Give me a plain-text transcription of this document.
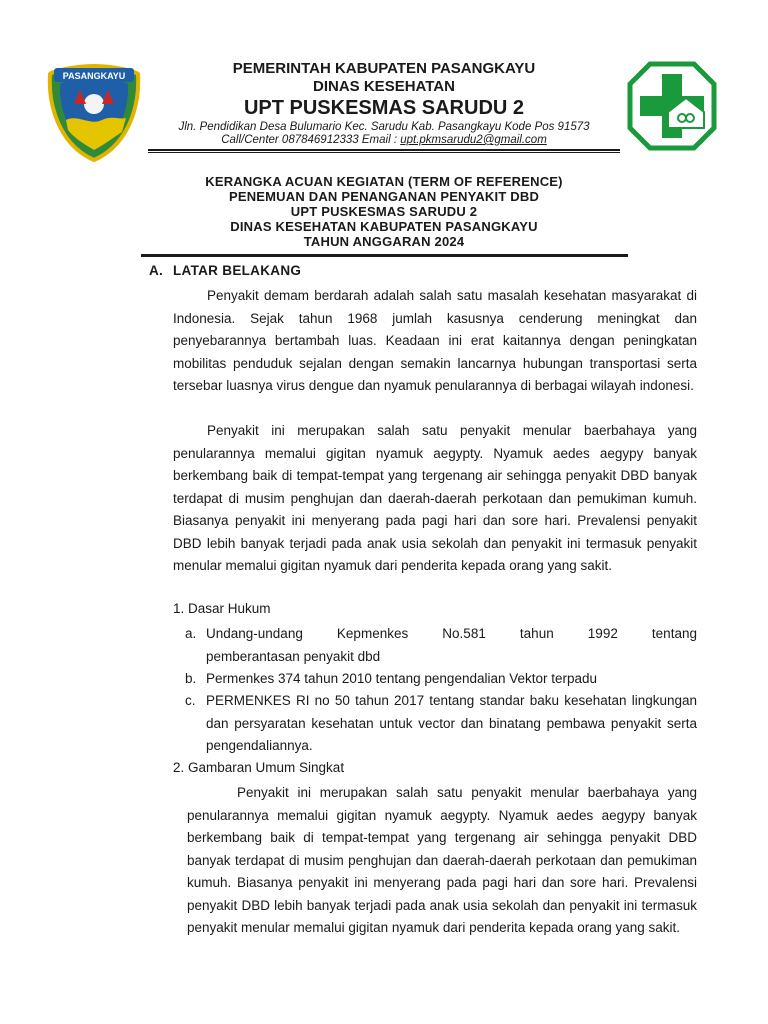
PASANGKAYU	PEMERINTAH KABUPATEN PASANGKAYU
DINAS KESEHATAN
UPT PUSKESMAS SARUDU 2
Jln. Pendidikan Desa Bulumario Kec. Sarudu Kab. Pasangkayu Kode Pos 91573
Call/Center 087846912333 Email : upt.pkmsarudu2@gmail.com
KERANGKA ACUAN KEGIATAN (TERM OF REFERENCE)
PENEMUAN DAN PENANGANAN PENYAKIT DBD
UPT PUSKESMAS SARUDU 2
DINAS KESEHATAN KABUPATEN PASANGKAYU
TAHUN ANGGARAN 2024
A. LATAR BELAKANG
Penyakit demam berdarah adalah salah satu masalah kesehatan masyarakat di Indonesia. Sejak tahun 1968 jumlah kasusnya cenderung meningkat dan penyebarannya bertambah luas. Keadaan ini erat kaitannya dengan peningkatan mobilitas penduduk sejalan dengan semakin lancarnya hubungan transportasi serta tersebar luasnya virus dengue dan nyamuk penularannya di berbagai wilayah indonesi.
Penyakit ini merupakan salah satu penyakit menular baerbahaya yang penularannya memalui gigitan nyamuk aegypty. Nyamuk aedes aegypy banyak berkembang baik di tempat-tempat yang tergenang air sehingga penyakit DBD banyak terdapat di musim penghujan dan daerah-daerah perkotaan dan pemukiman kumuh. Biasanya penyakit ini menyerang pada pagi hari dan sore hari. Prevalensi penyakit DBD lebih banyak terjadi pada anak usia sekolah dan penyakit ini termasuk penyakit menular memalui gigitan nyamuk dari penderita kepada orang yang sakit.
1. Dasar Hukum
a. Undang-undang	Kepmenkes	No.581	tahun	1992	tentang
pemberantasan penyakit dbd
b. Permenkes 374 tahun 2010 tentang pengendalian Vektor terpadu
c. PERMENKES RI no 50 tahun 2017 tentang standar baku kesehatan lingkungan dan persyaratan kesehatan untuk vector dan binatang pembawa penyakit serta pengendaliannya.
2. Gambaran Umum Singkat
Penyakit ini merupakan salah satu penyakit menular baerbahaya yang penularannya memalui gigitan nyamuk aegypty. Nyamuk aedes aegypy banyak berkembang baik di tempat-tempat yang tergenang air sehingga penyakit DBD banyak terdapat di musim penghujan dan daerah-daerah perkotaan dan pemukiman kumuh. Biasanya penyakit ini menyerang pada pagi hari dan sore hari. Prevalensi penyakit DBD lebih banyak terjadi pada anak usia sekolah dan penyakit ini termasuk penyakit menular memalui gigitan nyamuk dari penderita kepada orang yang sakit.
